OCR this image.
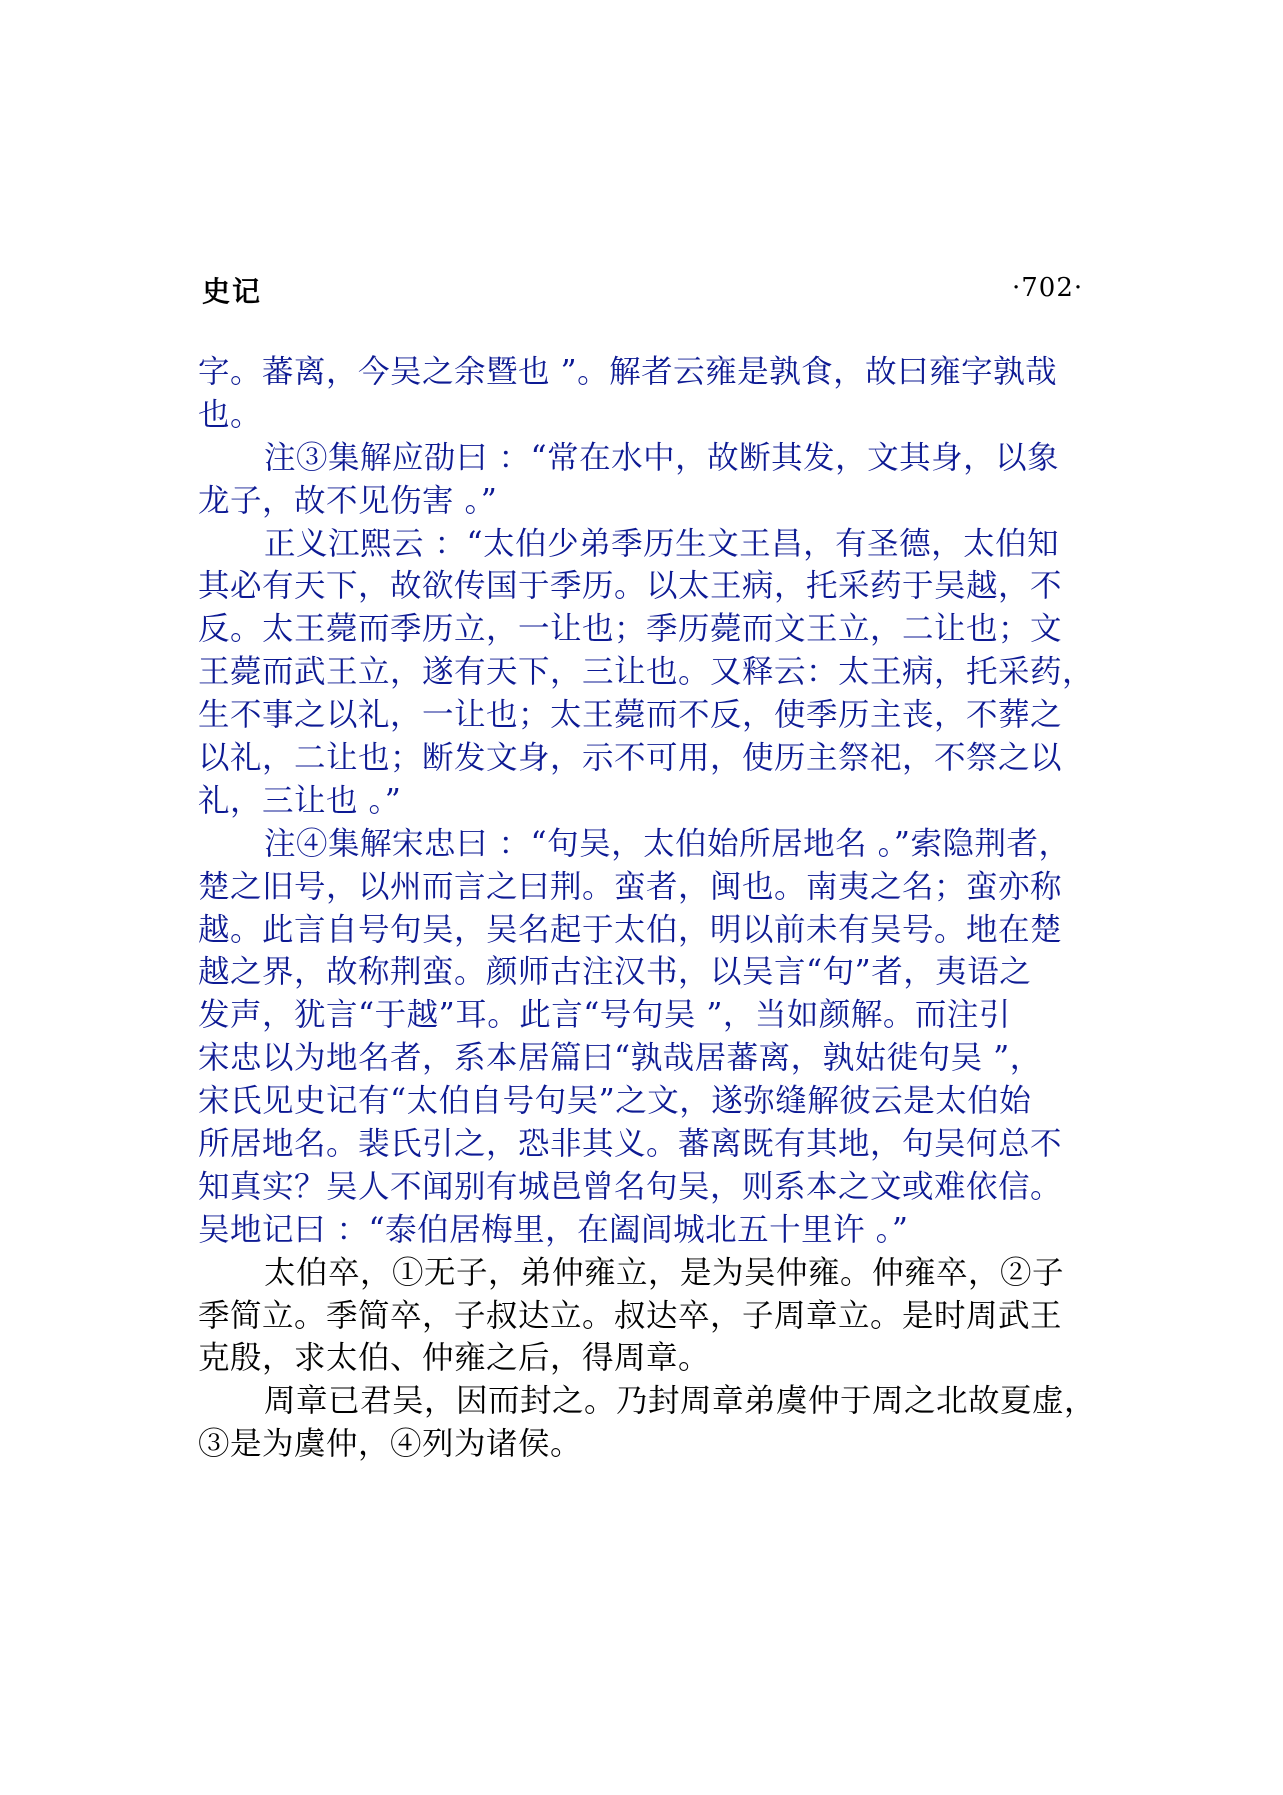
史记	·702·
字。蕃离，今吴之余暨也 ”。解者云雍是孰食，故曰雍字孰哉
也。
注③集解应劭曰 ：“常在水中，故断其发，文其身，以象
龙子，故不见伤害 。”
正义江熙云 ：“太伯少弟季历生文王昌，有圣德，太伯知
其必有天下，故欲传国于季历。以太王病，托采药于吴越，不
反。太王薨而季历立，一让也；季历薨而文王立，二让也；文
王薨而武王立，遂有天下，三让也。又释云：太王病，托采药，
生不事之以礼，一让也；太王薨而不反，使季历主丧，不葬之
以礼，二让也；断发文身，示不可用，使历主祭祀，不祭之以
礼，三让也 。”
注④集解宋忠曰 ：“句吴，太伯始所居地名 。”索隐荆者，
楚之旧号，以州而言之曰荆。蛮者，闽也。南夷之名；蛮亦称
越。此言自号句吴，吴名起于太伯，明以前未有吴号。地在楚
越之界，故称荆蛮。颜师古注汉书，以吴言“句”者，夷语之
发声，犹言“于越”耳。此言“号句吴 ”，当如颜解。而注引
宋忠以为地名者，系本居篇曰“孰哉居蕃离，孰姑徙句吴 ”，
宋氏见史记有“太伯自号句吴”之文，遂弥缝解彼云是太伯始
所居地名。裴氏引之，恐非其义。蕃离既有其地，句吴何总不
知真实？吴人不闻别有城邑曾名句吴，则系本之文或难依信。
吴地记曰 ：“泰伯居梅里，在阖闾城北五十里许 。”
太伯卒，①无子，弟仲雍立，是为吴仲雍。仲雍卒，②子
季简立。季简卒，子叔达立。叔达卒，子周章立。是时周武王
克殷，求太伯、仲雍之后，得周章。
周章已君吴，因而封之。乃封周章弟虞仲于周之北故夏虚，
③是为虞仲，④列为诸侯。
